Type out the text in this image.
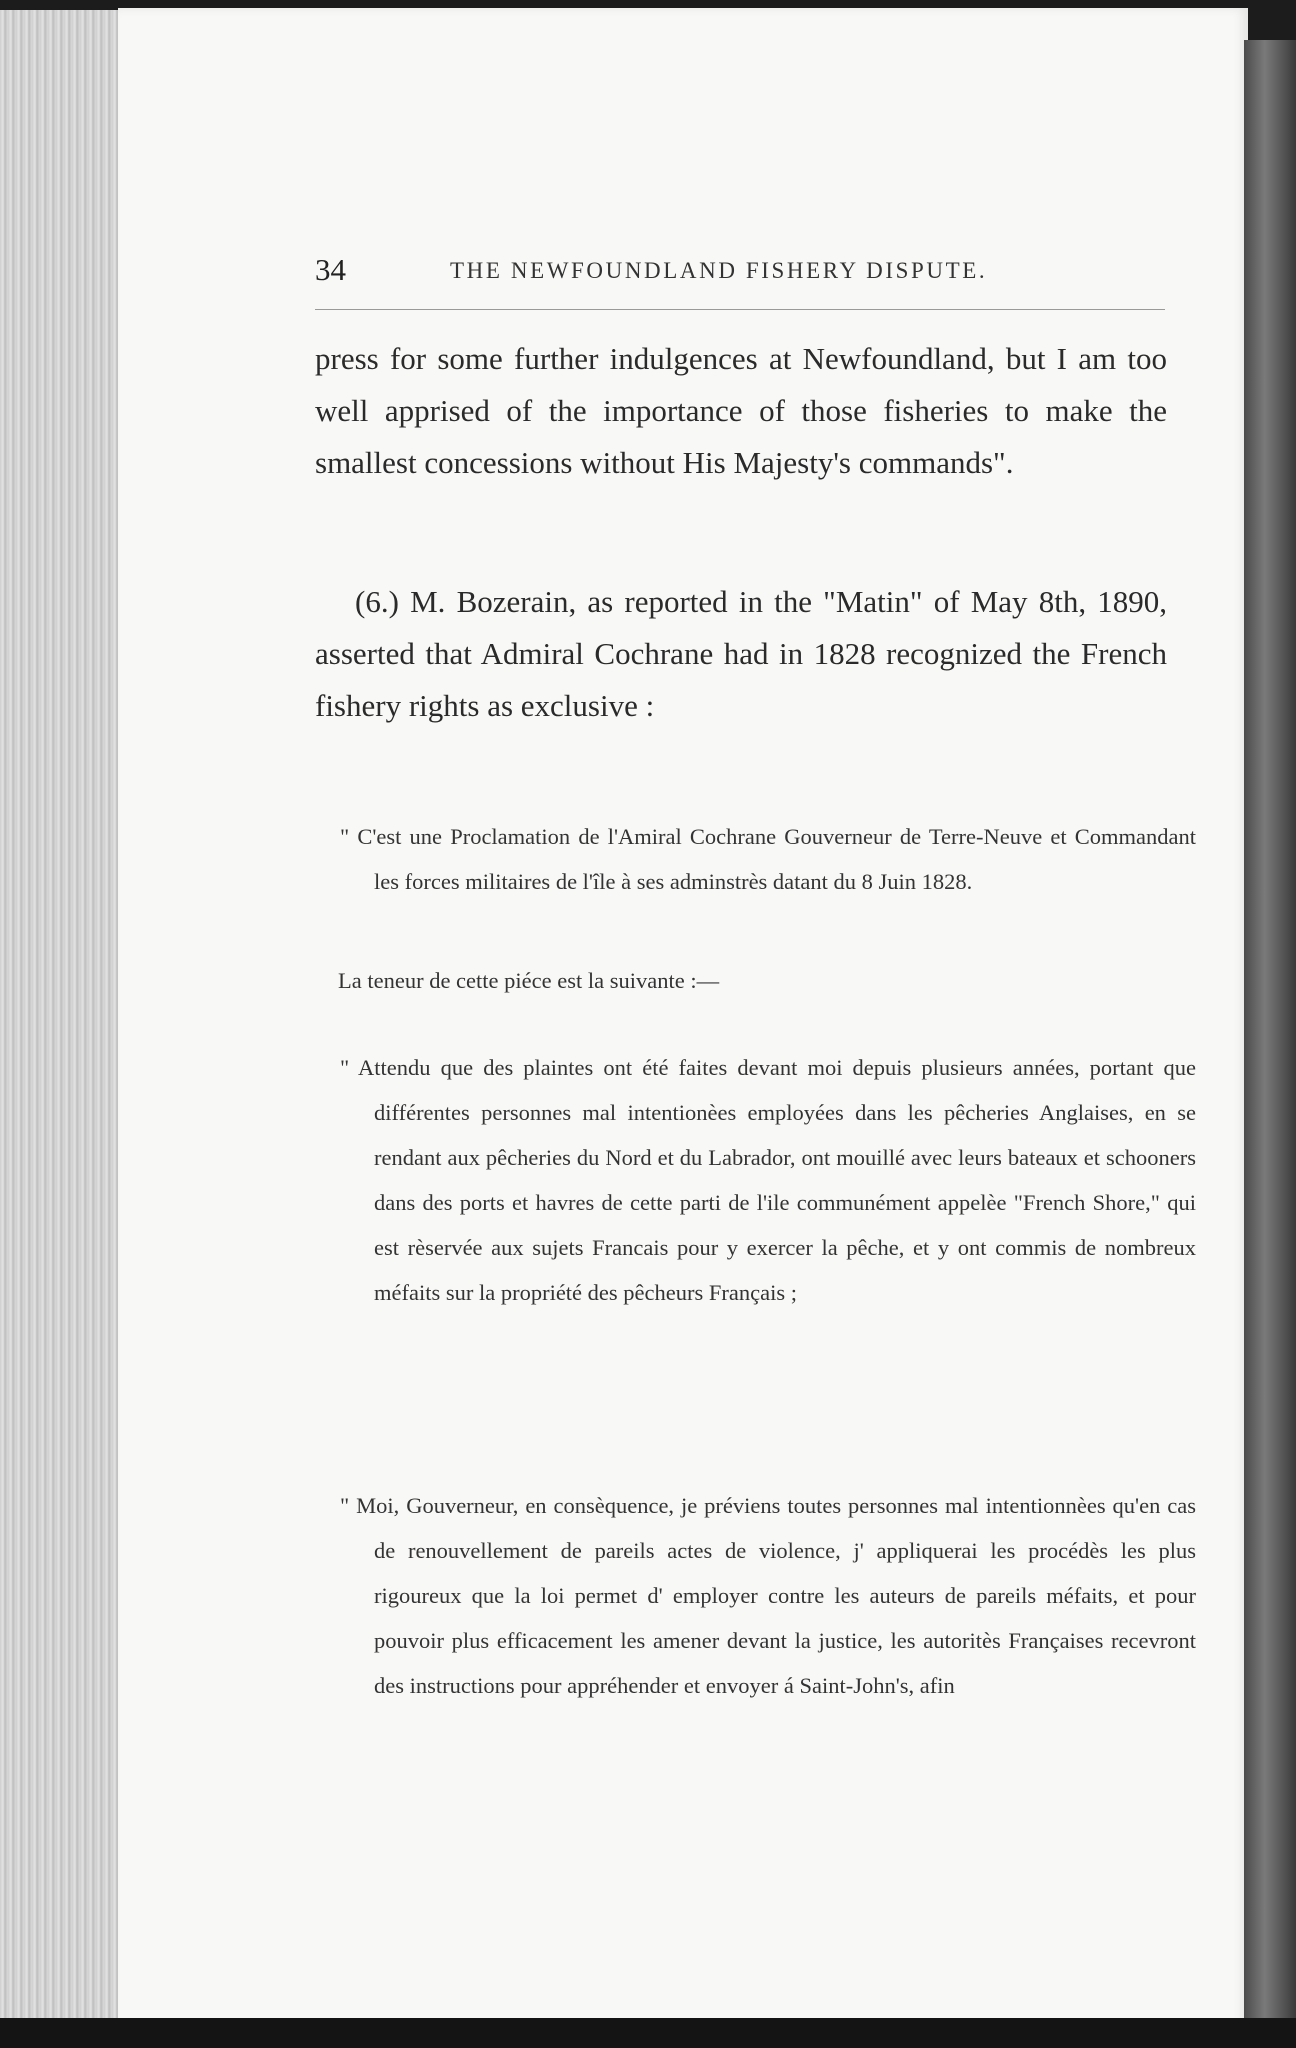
34	THE NEWFOUNDLAND FISHERY DISPUTE.
press for some further indulgences at Newfoundland, but I am too well apprised of the importance of those fisheries to make the smallest concessions without His Majesty's commands".
(6.) M. Bozerain, as reported in the "Matin" of May 8th, 1890, asserted that Admiral Cochrane had in 1828 recognized the French fishery rights as exclusive :
" C'est une Proclamation de l'Amiral Cochrane Gouverneur de Terre-Neuve et Commandant les forces militaires de l'île à ses adminstrès datant du 8 Juin 1828.
La teneur de cette piéce est la suivante :—
" Attendu que des plaintes ont été faites devant moi depuis plusieurs années, portant que différentes personnes mal intentionèes employées dans les pêcheries Anglaises, en se rendant aux pêcheries du Nord et du Labrador, ont mouillé avec leurs bateaux et schooners dans des ports et havres de cette parti de l'ile communément appelèe "French Shore," qui est rèservée aux sujets Francais pour y exercer la pêche, et y ont commis de nombreux méfaits sur la propriété des pêcheurs Français ;
" Moi, Gouverneur, en consèquence, je préviens toutes personnes mal intentionnèes qu'en cas de renouvellement de pareils actes de violence, j' appliquerai les procédès les plus rigoureux que la loi permet d' employer contre les auteurs de pareils méfaits, et pour pouvoir plus efficacement les amener devant la justice, les autoritès Françaises recevront des instructions pour appréhender et envoyer á Saint-John's, afin
